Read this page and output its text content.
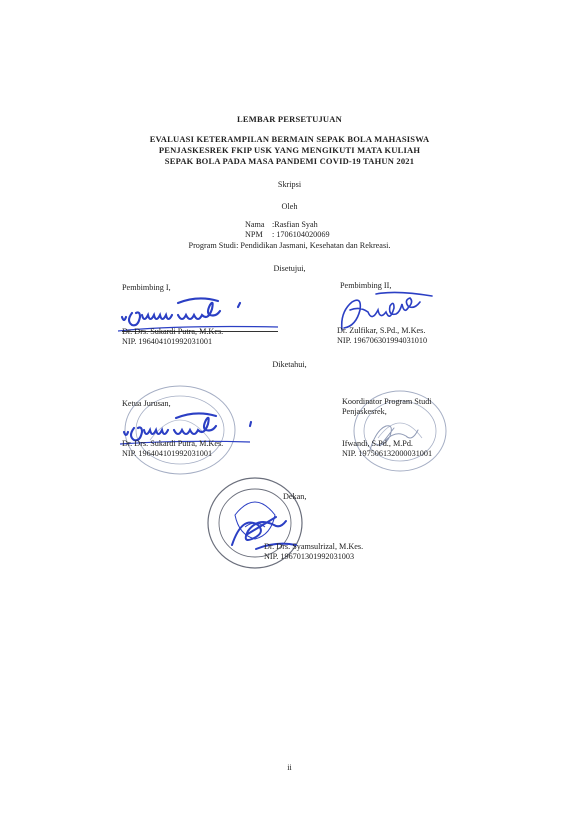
LEMBAR PERSETUJUAN
EVALUASI KETERAMPILAN BERMAIN SEPAK BOLA MAHASISWA
PENJASKESREK FKIP USK YANG MENGIKUTI MATA KULIAH
SEPAK BOLA PADA MASA PANDEMI COVID-19 TAHUN 2021
Skripsi
Oleh
Nama :Rasfian Syah
NPM : 1706104020069
Program Studi: Pendidikan Jasmani, Kesehatan dan Rekreasi.
Disetujui,
Pembimbing I,	Pembimbing II,
Dr. Drs. Sukardi Putra, M.Kes.
NIP. 196404101992031001
Dr. Zulfikar, S.Pd., M.Kes.
NIP. 196706301994031010
Diketahui,
Ketua Jurusan,
Dr. Drs. Sukardi Putra, M.Kes.
NIP. 196404101992031001
Koordinator Program Studi
Penjaskesrek,
Ifwandi, S.Pd., M.Pd.
NIP. 197506132000031001
Dekan,
Dr. Drs. Syamsulrizal, M.Kes.
NIP. 196701301992031003
ii
